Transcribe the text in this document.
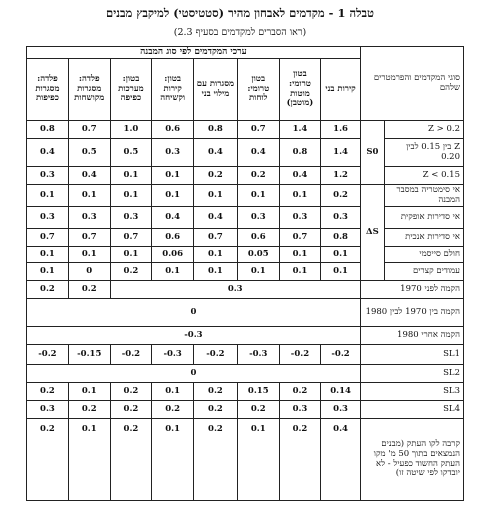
טבלה 1 - מקדמים לאבחון מהיר (סטטיסטי) למיקבץ מבנים
(ראו הסברים למקדמים בסעיף 2.3)
סוגי המקדמים והפרמטרים שלהם		ערכי המקדמים לפי סוג המבנה							
		קירות בני	בטון טרומי: מוטות (מוטבן)	בטון טרומי: לוחות	מסגרות עם מילוי בני	בטון: קירות וקשיחה	בטון: מערכות כפיפה	פלדה: מסגרות מקושחות	פלדה: מסגרות כפיפות
Z > 0.2	S0	1.6	1.4	0.7	0.8	0.6	1.0	0.7	0.8
Z בין 0.15 לבין 0.20		1.4	0.8	0.4	0.4	0.3	0.5	0.5	0.4
Z < 0.15		1.2	0.4	0.2	0.2	0.1	0.1	0.4	0.3
אי סימטריה במסבר המבנה	ΔS	0.2	0.1	0.1	0.1	0.1	0.1	0.1	0.1
אי סדירות אופקית		0.3	0.3	0.3	0.4	0.4	0.3	0.3	0.3
אי סדירות אנכית		0.8	0.7	0.6	0.7	0.6	0.7	0.7	0.7
חולם סייסמי		0.1	0.1	0.05	0.1	0.06	0.1	0.1	0.1
עמודים קצרים		0.1	0.1	0.1	0.1	0.1	0.2	0	0.1
הקמה לפני 1970		0.3						0.2	0.2
הקמה בין 1970 לבין 1980		0							
הקמה אחרי 1980		-0.3							
SL1		-0.2	-0.2	-0.3	-0.2	-0.3	-0.2	-0.15	-0.2
SL2		0							
SL3		0.14	0.2	0.15	0.2	0.1	0.2	0.1	0.2
SL4		0.3	0.3	0.2	0.2	0.2	0.2	0.2	0.3
קרבה לקו העתק (מבנים הנמצאים בתוך 50 מ' מקו העתק החשוד כפעיל - לא יובדקו לפי שיטה זו)		0.4	0.2	0.1	0.2	0.1	0.2	0.1	0.2
